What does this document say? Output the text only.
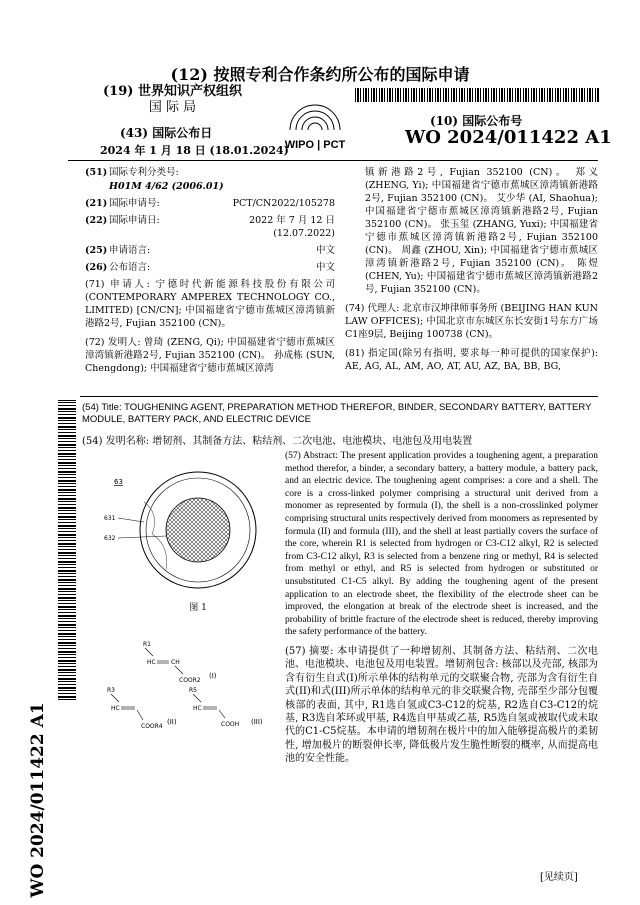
(12) 按照专利合作条约所公布的国际申请
(19) 世界知识产权组织
国 际 局
(43) 国际公布日
2024 年 1 月 18 日 (18.01.2024)
WIPO | PCT
(10) 国际公布号
WO 2024/011422 A1
(51) 国际专利分类号:
H01M 4/62 (2006.01)
(21) 国际申请号:	PCT/CN2022/105278
(22) 国际申请日:	2022 年 7 月 12 日 (12.07.2022)
(25) 申请语言:	中文
(26) 公布语言:	中文
(71) 申请人: 宁德时代新能源科技股份有限公司 (CONTEMPORARY AMPEREX TECHNOLOGY CO., LIMITED) [CN/CN]; 中国福建省宁德市蕉城区漳湾镇新港路2号, Fujian 352100 (CN)。
(72) 发明人: 曾琦 (ZENG, Qi); 中国福建省宁德市蕉城区漳湾镇新港路2号, Fujian 352100 (CN)。 孙成栋 (SUN, Chengdong); 中国福建省宁德市蕉城区漳湾
镇新港路2号, Fujian 352100 (CN)。 郑义 (ZHENG, Yi); 中国福建省宁德市蕉城区漳湾镇新港路2号, Fujian 352100 (CN)。 艾少华 (AI, Shaohua); 中国福建省宁德市蕉城区漳湾镇新港路2号, Fujian 352100 (CN)。 张玉玺 (ZHANG, Yuxi); 中国福建省宁德市蕉城区漳湾镇新港路2号, Fujian 352100 (CN)。 周鑫 (ZHOU, Xin); 中国福建省宁德市蕉城区漳湾镇新港路2号, Fujian 352100 (CN)。 陈煜 (CHEN, Yu); 中国福建省宁德市蕉城区漳湾镇新港路2号, Fujian 352100 (CN)。
(74) 代理人: 北京市汉坤律师事务所 (BEIJING HAN KUN LAW OFFICES); 中国北京市东城区东长安街1号东方广场C1座9层, Beijing 100738 (CN)。
(81) 指定国(除另有指明, 要求每一种可提供的国家保护): AE, AG, AL, AM, AO, AT, AU, AZ, BA, BB, BG,
(54) Title: TOUGHENING AGENT, PREPARATION METHOD THEREFOR, BINDER, SECONDARY BATTERY, BATTERY MODULE, BATTERY PACK, AND ELECTRIC DEVICE
(54) 发明名称: 增韧剂、其制备方法、粘结剂、二次电池、电池模块、电池包及用电装置
63
631
632
图 1
R1
HC	CH
COOR2
(I)
R3
HC
COOR4
(II)
R5
HC
COOH (III)
(57) Abstract: The present application provides a toughening agent, a preparation method therefor, a binder, a secondary battery, a battery module, a battery pack, and an electric device. The toughening agent comprises: a core and a shell. The core is a cross-linked polymer comprising a structural unit derived from a monomer as represented by formula (I), the shell is a non-crosslinked polymer comprising structural units respectively derived from monomers as represented by formula (II) and formula (III), and the shell at least partially covers the surface of the core, wherein R1 is selected from hydrogen or C3-C12 alkyl, R2 is selected from C3-C12 alkyl, R3 is selected from a benzene ring or methyl, R4 is selected from methyl or ethyl, and R5 is selected from hydrogen or substituted or unsubstituted C1-C5 alkyl. By adding the toughening agent of the present application to an electrode sheet, the flexibility of the electrode sheet can be improved, the elongation at break of the electrode sheet is increased, and the probability of brittle fracture of the electrode sheet is reduced, thereby improving the safety performance of the battery.
(57) 摘要: 本申请提供了一种增韧剂、其制备方法、粘结剂、二次电池、电池模块、电池包及用电装置。增韧剂包含: 核部以及壳部, 核部为含有衍生自式(I)所示单体的结构单元的交联聚合物, 壳部为含有衍生自式(II)和式(III)所示单体的结构单元的非交联聚合物, 壳部至少部分包覆核部的表面, 其中, R1选自氢或C3-C12的烷基, R2选自C3-C12的烷基, R3选自苯环或甲基, R4选自甲基或乙基, R5选自氢或被取代或未取代的C1-C5烷基。本申请的增韧剂在极片中的加入能够提高极片的柔韧性, 增加极片的断裂伸长率, 降低极片发生脆性断裂的概率, 从而提高电池的安全性能。
WO 2024/011422 A1	[见续页]
